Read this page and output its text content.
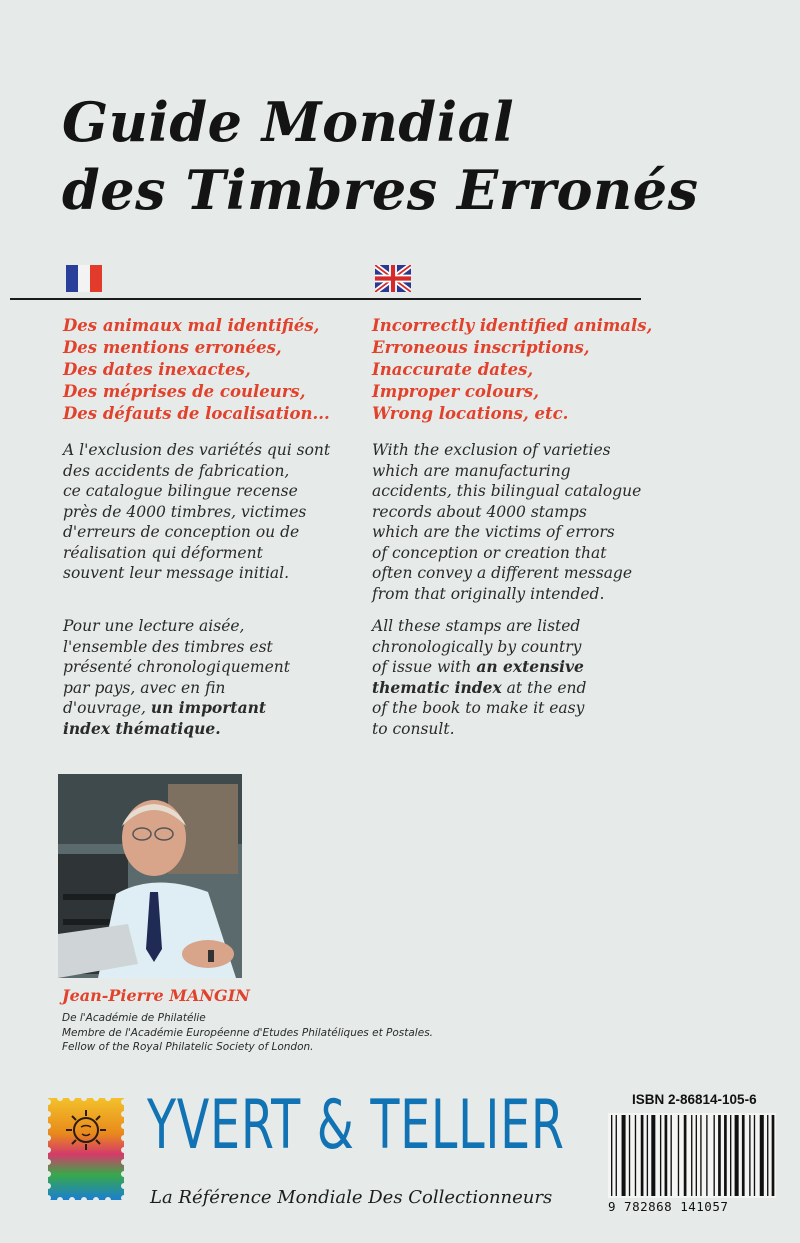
Guide Mondial
des Timbres Erronés
Des animaux mal identifiés,
Des mentions erronées,
Des dates inexactes,
Des méprises de couleurs,
Des défauts de localisation...
Incorrectly identified animals,
Erroneous inscriptions,
Inaccurate dates,
Improper colours,
Wrong locations, etc.

A l'exclusion des variétés qui sont
des accidents de fabrication,
ce catalogue bilingue recense
près de 4000 timbres, victimes
d'erreurs de conception ou de
réalisation qui déforment
souvent leur message initial.

With the exclusion of varieties
which are manufacturing
accidents, this bilingual catalogue
records about 4000 stamps
which are the victims of errors
of conception or creation that
often convey a different message
from that originally intended.

Pour une lecture aisée,
l'ensemble des timbres est
présenté chronologiquement
par pays, avec en fin
d'ouvrage, un important
index thématique.

All these stamps are listed
chronologically by country
of issue with an extensive
thematic index at the end
of the book to make it easy
to consult.

Jean-Pierre MANGIN

De l'Académie de Philatélie
Membre de l'Académie Européenne d'Etudes Philatéliques et Postales.
Fellow of the Royal Philatelic Society of London.

YVERT & TELLIER

La Référence Mondiale Des Collectionneurs

ISBN 2-86814-105-6

9 782868 141057
